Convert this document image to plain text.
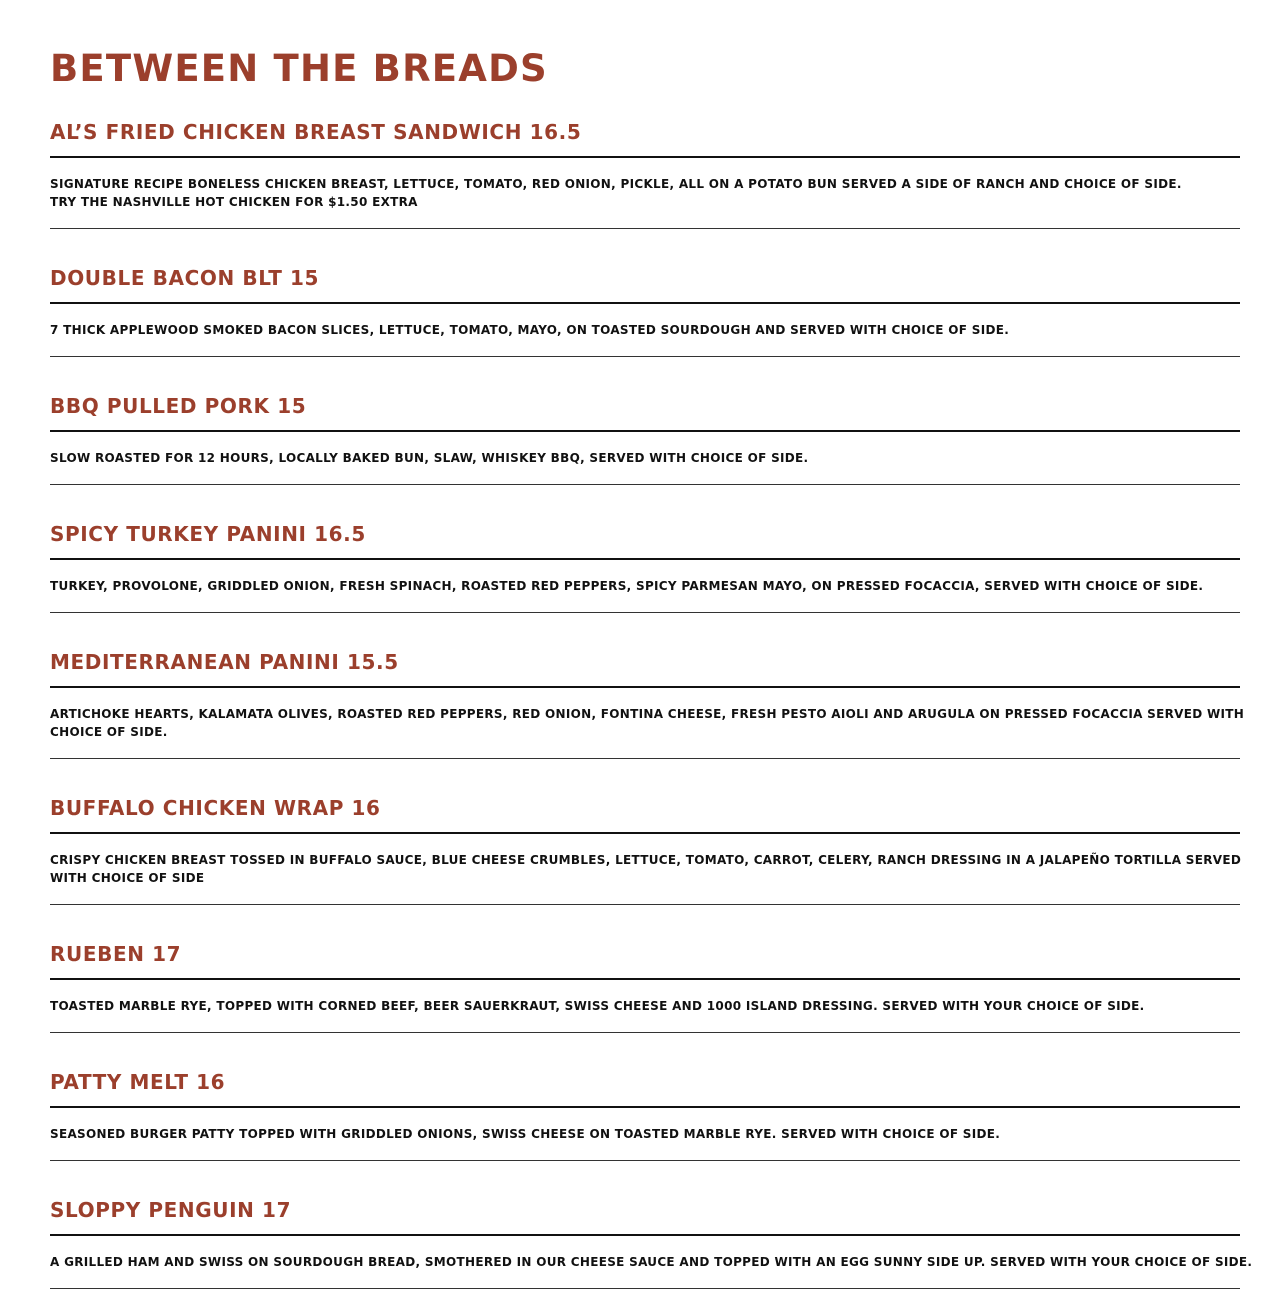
BETWEEN THE BREADS
AL’S FRIED CHICKEN BREAST SANDWICH 16.5

SIGNATURE RECIPE BONELESS CHICKEN BREAST, LETTUCE, TOMATO, RED ONION, PICKLE, ALL ON A POTATO BUN SERVED A SIDE OF RANCH AND CHOICE OF SIDE.
TRY THE NASHVILLE HOT CHICKEN FOR $1.50 EXTRA

DOUBLE BACON BLT 15

7 THICK APPLEWOOD SMOKED BACON SLICES, LETTUCE, TOMATO, MAYO, ON TOASTED SOURDOUGH AND SERVED WITH CHOICE OF SIDE.

BBQ PULLED PORK 15

SLOW ROASTED FOR 12 HOURS, LOCALLY BAKED BUN, SLAW, WHISKEY BBQ, SERVED WITH CHOICE OF SIDE.

SPICY TURKEY PANINI 16.5

TURKEY, PROVOLONE, GRIDDLED ONION, FRESH SPINACH, ROASTED RED PEPPERS, SPICY PARMESAN MAYO, ON PRESSED FOCACCIA, SERVED WITH CHOICE OF SIDE.

MEDITERRANEAN PANINI 15.5

ARTICHOKE HEARTS, KALAMATA OLIVES, ROASTED RED PEPPERS, RED ONION, FONTINA CHEESE, FRESH PESTO AIOLI AND ARUGULA ON PRESSED FOCACCIA SERVED WITH
CHOICE OF SIDE.

BUFFALO CHICKEN WRAP 16

CRISPY CHICKEN BREAST TOSSED IN BUFFALO SAUCE, BLUE CHEESE CRUMBLES, LETTUCE, TOMATO, CARROT, CELERY, RANCH DRESSING IN A JALAPEÑO TORTILLA SERVED
WITH CHOICE OF SIDE

RUEBEN 17

TOASTED MARBLE RYE, TOPPED WITH CORNED BEEF, BEER SAUERKRAUT, SWISS CHEESE AND 1000 ISLAND DRESSING. SERVED WITH YOUR CHOICE OF SIDE.

PATTY MELT 16

SEASONED BURGER PATTY TOPPED WITH GRIDDLED ONIONS, SWISS CHEESE ON TOASTED MARBLE RYE. SERVED WITH CHOICE OF SIDE.

SLOPPY PENGUIN 17

A GRILLED HAM AND SWISS ON SOURDOUGH BREAD, SMOTHERED IN OUR CHEESE SAUCE AND TOPPED WITH AN EGG SUNNY SIDE UP. SERVED WITH YOUR CHOICE OF SIDE.
